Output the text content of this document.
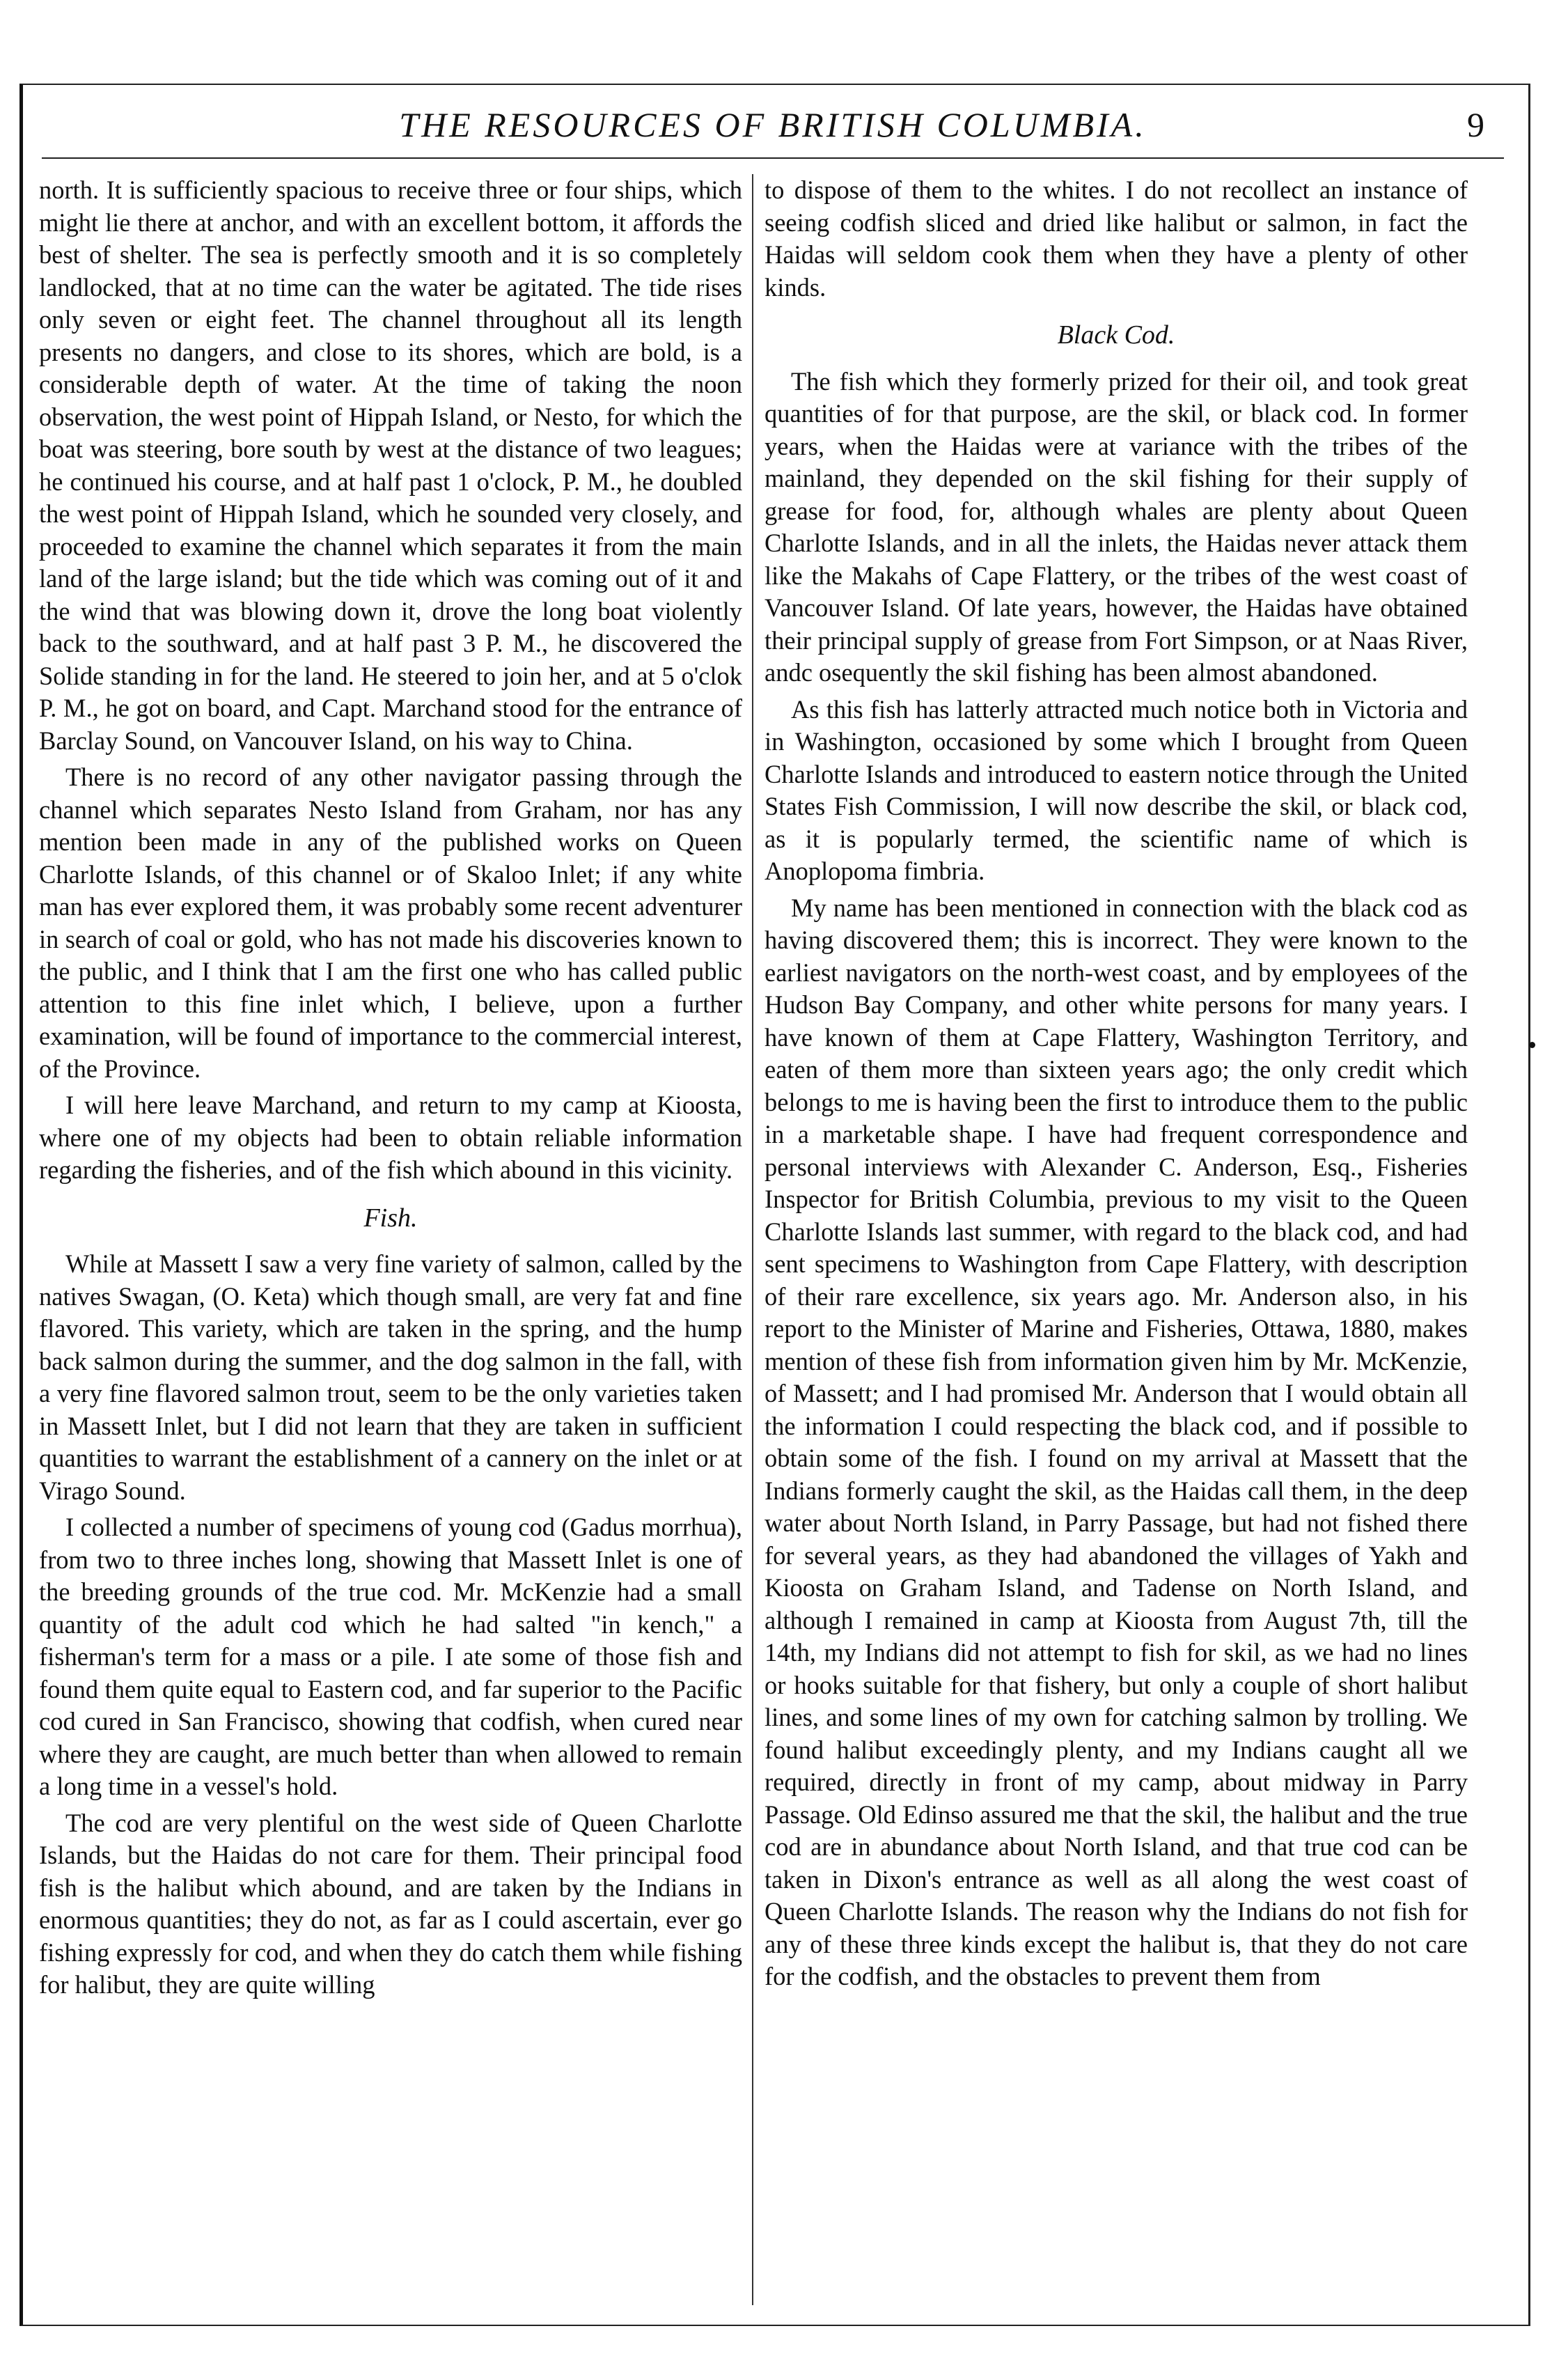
THE RESOURCES OF BRITISH COLUMBIA.	9

north. It is sufficiently spacious to receive three or four ships, which might lie there at anchor, and with an excellent bottom, it affords the best of shelter. The sea is perfectly smooth and it is so completely landlocked, that at no time can the water be agitated. The tide rises only seven or eight feet. The channel throughout all its length presents no dangers, and close to its shores, which are bold, is a considerable depth of water. At the time of taking the noon observation, the west point of Hippah Island, or Nesto, for which the boat was steering, bore south by west at the distance of two leagues; he continued his course, and at half past 1 o'clock, P. M., he doubled the west point of Hippah Island, which he sounded very closely, and proceeded to examine the channel which separates it from the main land of the large island; but the tide which was coming out of it and the wind that was blowing down it, drove the long boat violently back to the southward, and at half past 3 P. M., he discovered the Solide standing in for the land. He steered to join her, and at 5 o'clok P. M., he got on board, and Capt. Marchand stood for the entrance of Barclay Sound, on Vancouver Island, on his way to China.

There is no record of any other navigator passing through the channel which separates Nesto Island from Graham, nor has any mention been made in any of the published works on Queen Charlotte Islands, of this channel or of Skaloo Inlet; if any white man has ever explored them, it was probably some recent adventurer in search of coal or gold, who has not made his discoveries known to the public, and I think that I am the first one who has called public attention to this fine inlet which, I believe, upon a further examination, will be found of importance to the commercial interest, of the Province.

I will here leave Marchand, and return to my camp at Kioosta, where one of my objects had been to obtain reliable information regarding the fisheries, and of the fish which abound in this vicinity.

Fish.

While at Massett I saw a very fine variety of salmon, called by the natives Swagan, (O. Keta) which though small, are very fat and fine flavored. This variety, which are taken in the spring, and the hump back salmon during the summer, and the dog salmon in the fall, with a very fine flavored salmon trout, seem to be the only varieties taken in Massett Inlet, but I did not learn that they are taken in sufficient quantities to warrant the establishment of a cannery on the inlet or at Virago Sound.

I collected a number of specimens of young cod (Gadus morrhua), from two to three inches long, showing that Massett Inlet is one of the breeding grounds of the true cod. Mr. McKenzie had a small quantity of the adult cod which he had salted "in kench," a fisherman's term for a mass or a pile. I ate some of those fish and found them quite equal to Eastern cod, and far superior to the Pacific cod cured in San Francisco, showing that codfish, when cured near where they are caught, are much better than when allowed to remain a long time in a vessel's hold.

The cod are very plentiful on the west side of Queen Charlotte Islands, but the Haidas do not care for them. Their principal food fish is the halibut which abound, and are taken by the Indians in enormous quantities; they do not, as far as I could ascertain, ever go fishing expressly for cod, and when they do catch them while fishing for halibut, they are quite willing

to dispose of them to the whites. I do not recollect an instance of seeing codfish sliced and dried like halibut or salmon, in fact the Haidas will seldom cook them when they have a plenty of other kinds.

Black Cod.

The fish which they formerly prized for their oil, and took great quantities of for that purpose, are the skil, or black cod. In former years, when the Haidas were at variance with the tribes of the mainland, they depended on the skil fishing for their supply of grease for food, for, although whales are plenty about Queen Charlotte Islands, and in all the inlets, the Haidas never attack them like the Makahs of Cape Flattery, or the tribes of the west coast of Vancouver Island. Of late years, however, the Haidas have obtained their principal supply of grease from Fort Simpson, or at Naas River, andc osequently the skil fishing has been almost abandoned.

As this fish has latterly attracted much notice both in Victoria and in Washington, occasioned by some which I brought from Queen Charlotte Islands and introduced to eastern notice through the United States Fish Commission, I will now describe the skil, or black cod, as it is popularly termed, the scientific name of which is Anoplopoma fimbria.

My name has been mentioned in connection with the black cod as having discovered them; this is incorrect. They were known to the earliest navigators on the north-west coast, and by employees of the Hudson Bay Company, and other white persons for many years. I have known of them at Cape Flattery, Washington Territory, and eaten of them more than sixteen years ago; the only credit which belongs to me is having been the first to introduce them to the public in a marketable shape. I have had frequent correspondence and personal interviews with Alexander C. Anderson, Esq., Fisheries Inspector for British Columbia, previous to my visit to the Queen Charlotte Islands last summer, with regard to the black cod, and had sent specimens to Washington from Cape Flattery, with description of their rare excellence, six years ago. Mr. Anderson also, in his report to the Minister of Marine and Fisheries, Ottawa, 1880, makes mention of these fish from information given him by Mr. McKenzie, of Massett; and I had promised Mr. Anderson that I would obtain all the information I could respecting the black cod, and if possible to obtain some of the fish. I found on my arrival at Massett that the Indians formerly caught the skil, as the Haidas call them, in the deep water about North Island, in Parry Passage, but had not fished there for several years, as they had abandoned the villages of Yakh and Kioosta on Graham Island, and Tadense on North Island, and although I remained in camp at Kioosta from August 7th, till the 14th, my Indians did not attempt to fish for skil, as we had no lines or hooks suitable for that fishery, but only a couple of short halibut lines, and some lines of my own for catching salmon by trolling. We found halibut exceedingly plenty, and my Indians caught all we required, directly in front of my camp, about midway in Parry Passage. Old Edinso assured me that the skil, the halibut and the true cod are in abundance about North Island, and that true cod can be taken in Dixon's entrance as well as all along the west coast of Queen Charlotte Islands. The reason why the Indians do not fish for any of these three kinds except the halibut is, that they do not care for the codfish, and the obstacles to prevent them from
